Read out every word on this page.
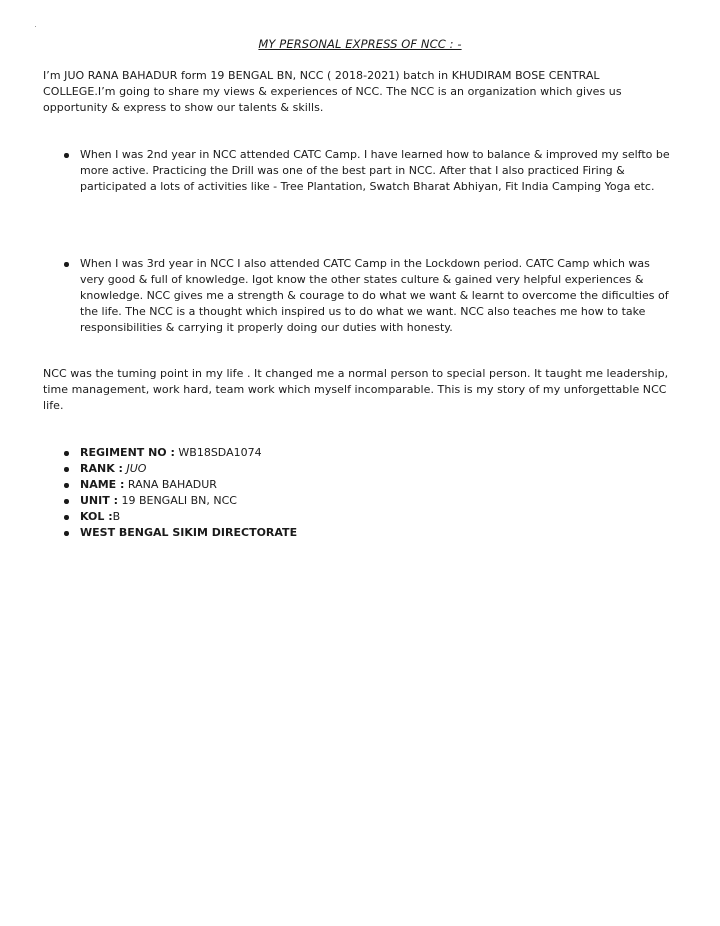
MY PERSONAL EXPRESS OF NCC : -
I’m JUO RANA BAHADUR form 19 BENGAL BN, NCC ( 2018-2021) batch in KHUDIRAM BOSE CENTRAL COLLEGE.I’m going to share my views & experiences of NCC. The NCC is an organization which gives us opportunity & express to show our talents & skills.
When I was 2nd year in NCC attended CATC Camp. I have learned how to balance & improved my selfto be more active. Practicing the Drill was one of the best part in NCC. After that I also practiced Firing & participated a lots of activities like - Tree Plantation, Swatch Bharat Abhiyan, Fit India Camping Yoga etc.
When I was 3rd year in NCC I also attended CATC Camp in the Lockdown period. CATC Camp which was very good & full of knowledge. Igot know the other states culture & gained very helpful experiences & knowledge. NCC gives me a strength & courage to do what we want & learnt to overcome the dificulties of the life. The NCC is a thought which inspired us to do what we want. NCC also teaches me how to take responsibilities & carrying it properly doing our duties with honesty.
NCC was the tuming point in my life . It changed me a normal person to special person. It taught me leadership, time management, work hard, team work which myself incomparable. This is my story of my unforgettable NCC life.
REGIMENT NO : WB18SDA1074
RANK : JUO
NAME : RANA BAHADUR
UNIT : 19 BENGALI BN, NCC
KOL :B
WEST BENGAL SIKIM DIRECTORATE
